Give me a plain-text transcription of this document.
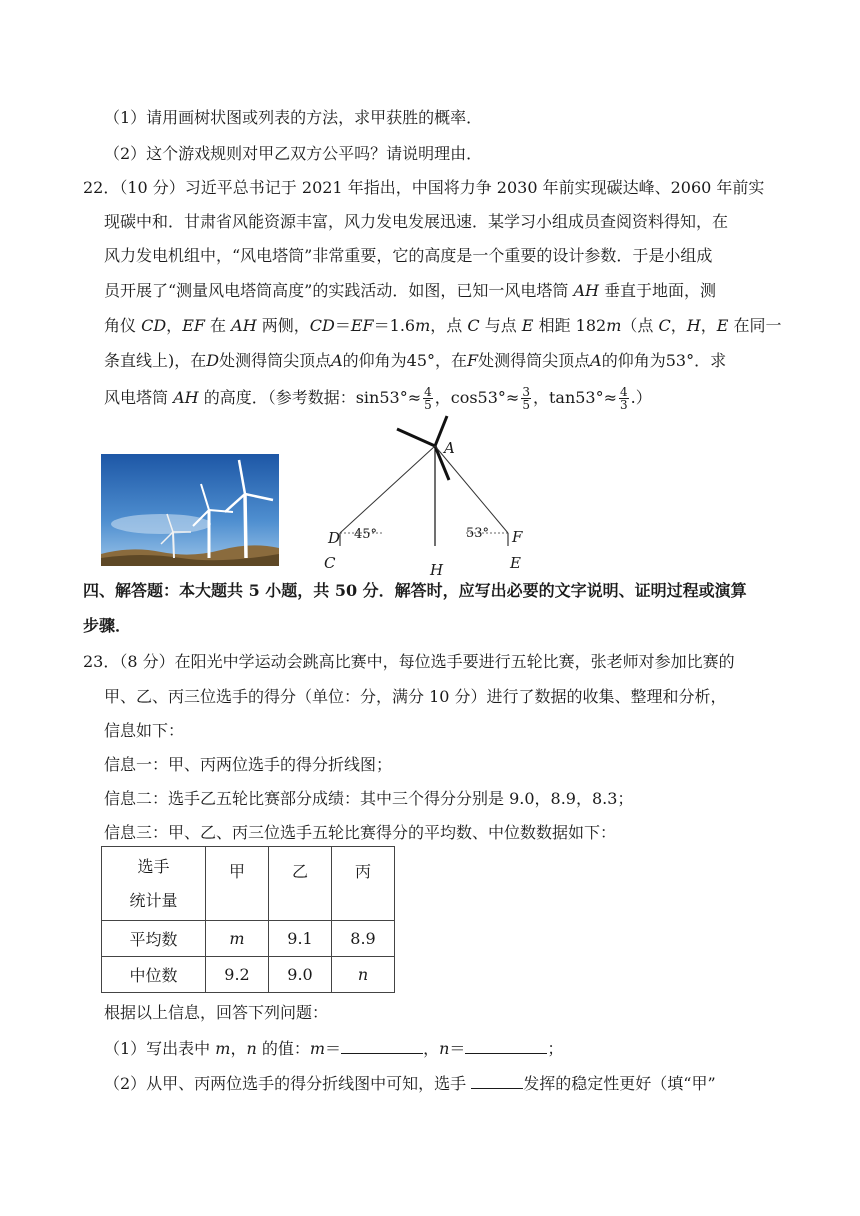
（1）请用画树状图或列表的方法，求甲获胜的概率．
（2）这个游戏规则对甲乙双方公平吗？请说明理由．
22．（10 分）习近平总书记于 2021 年指出，中国将力争 2030 年前实现碳达峰、2060 年前实
现碳中和．甘肃省风能资源丰富，风力发电发展迅速．某学习小组成员查阅资料得知，在
风力发电机组中，“风电塔筒”非常重要，它的高度是一个重要的设计参数．于是小组成
员开展了“测量风电塔筒高度”的实践活动．如图，已知一风电塔筒 AH 垂直于地面，测
角仪 CD，EF 在 AH 两侧，CD＝EF＝1.6m，点 C 与点 E 相距 182m（点 C，H，E 在同一
条直线上)，在D处测得筒尖顶点A的仰角为45°，在F处测得筒尖顶点A的仰角为53°．求
风电塔筒 AH 的高度．（参考数据：$\sin 53^\circ\approx \frac{4}{5}$ ，$\cos 53^\circ\approx \frac{3}{5}$ ，$\tan 53^\circ\approx \frac{4}{3}$ .）
A
D 45°
C	H
53° F
E
四、解答题：本大题共 5 小题，共 50 分．解答时，应写出必要的文字说明、证明过程或演算
步骤．
23．（8 分）在阳光中学运动会跳高比赛中，每位选手要进行五轮比赛，张老师对参加比赛的
甲、乙、丙三位选手的得分（单位：分，满分 10 分）进行了数据的收集、整理和分析，
信息如下：
信息一：甲、丙两位选手的得分折线图；
信息二：选手乙五轮比赛部分成绩：其中三个得分分别是 9.0，8.9，8.3；
信息三：甲、乙、丙三位选手五轮比赛得分的平均数、中位数数据如下：
选手
统计量	甲	乙	丙
平均数	m	9.1	8.9
中位数	9.2	9.0	n
根据以上信息，回答下列问题：
（1）写出表中 m，n 的值：m＝	，n＝	；
（2）从甲、丙两位选手的得分折线图中可知，选手	发挥的稳定性更好（填“甲”
